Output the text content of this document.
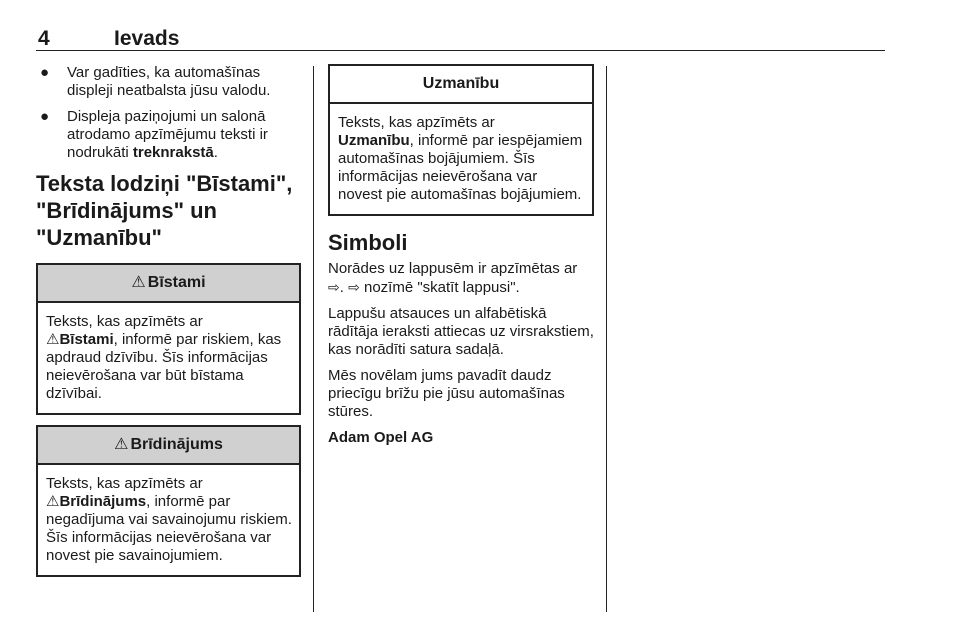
4	Ievads
● Var gadīties, ka automašīnas displeji neatbalsta jūsu valodu.
● Displeja paziņojumi un salonā atrodamo apzīmējumu teksti ir nodrukāti treknrakstā.
Teksta lodziņi "Bīstami", "Brīdinājums" un "Uzmanību"
⚠ Bīstami
Teksts, kas apzīmēts ar
⚠Bīstami, informē par riskiem, kas apdraud dzīvību. Šīs informācijas neievērošana var būt bīstama dzīvībai.
⚠ Brīdinājums
Teksts, kas apzīmēts ar
⚠Brīdinājums, informē par negadījuma vai savainojumu riskiem. Šīs informācijas neievērošana var novest pie savainojumiem.
Uzmanību
Teksts, kas apzīmēts ar
Uzmanību, informē par iespējamiem automašīnas bojājumiem. Šīs informācijas neievērošana var novest pie automašīnas bojājumiem.
Simboli

Norādes uz lappusēm ir apzīmētas ar ⇨. ⇨ nozīmē "skatīt lappusi".

Lappušu atsauces un alfabētiskā rādītāja ieraksti attiecas uz virsrakstiem, kas norādīti satura sadaļā.

Mēs novēlam jums pavadīt daudz priecīgu brīžu pie jūsu automašīnas stūres.

Adam Opel AG
